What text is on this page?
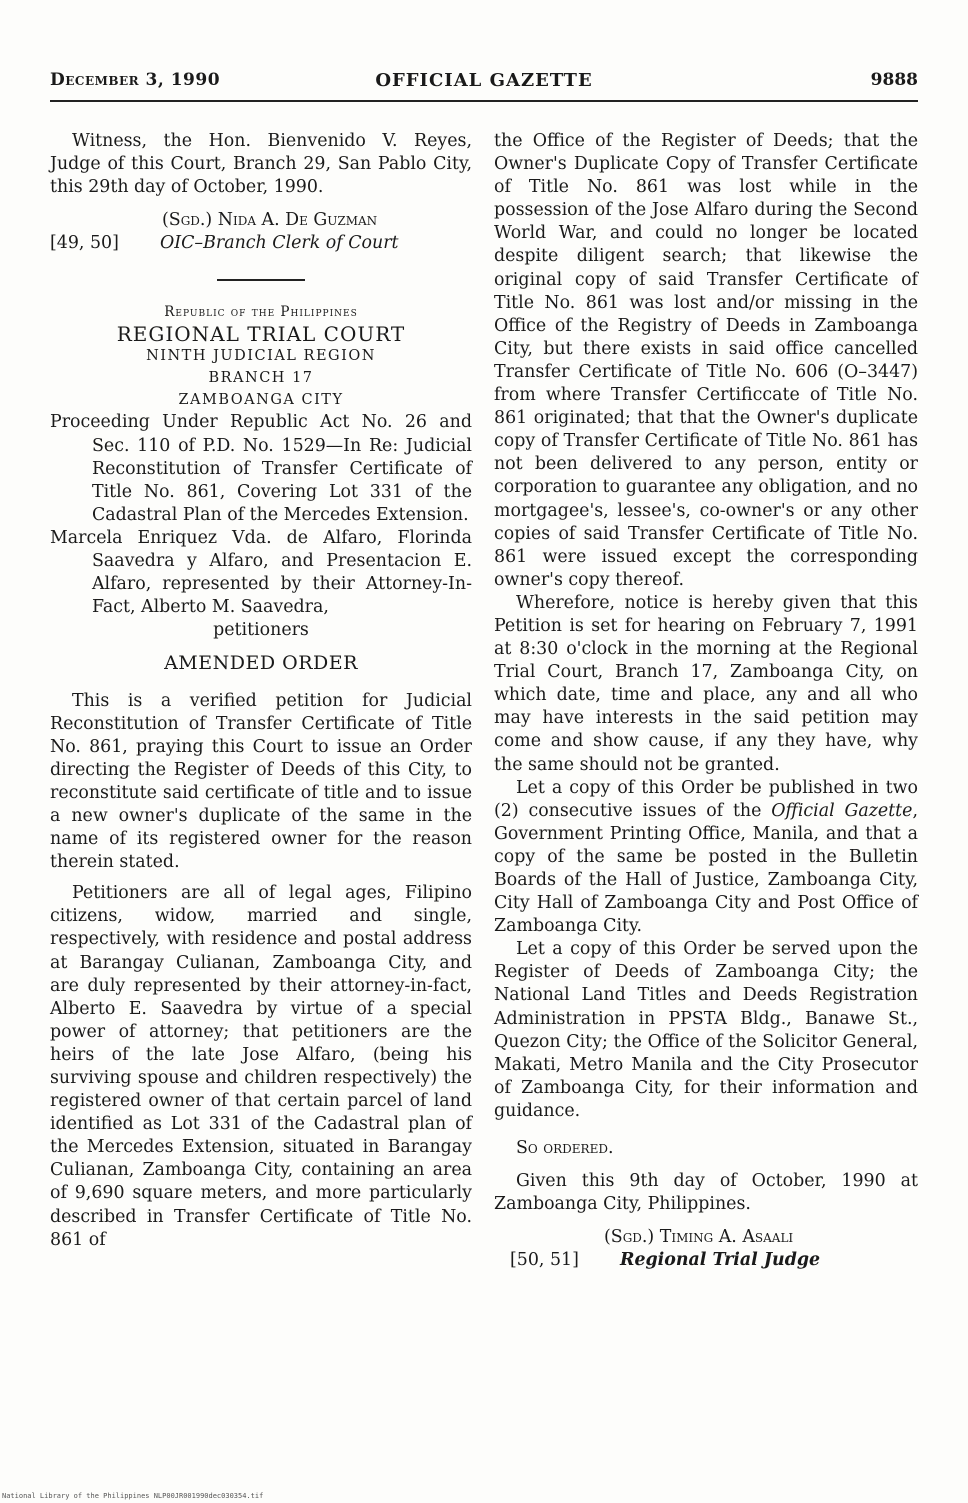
December 3, 1990	OFFICIAL GAZETTE	9888

Witness, the Hon. Bienvenido V. Reyes, Judge of this Court, Branch 29, San Pablo City, this 29th day of October, 1990.

(Sgd.) Nida A. De Guzman
[49, 50]	OIC–Branch Clerk of Court
Republic of the Philippines
REGIONAL TRIAL COURT
NINTH JUDICIAL REGION
BRANCH 17
ZAMBOANGA CITY

Proceeding Under Republic Act No. 26 and Sec. 110 of P.D. No. 1529—In Re: Judicial Reconstitution of Transfer Certificate of Title No. 861, Covering Lot 331 of the Cadastral Plan of the Mercedes Extension.

Marcela Enriquez Vda. de Alfaro, Florinda Saavedra y Alfaro, and Presentacion E. Alfaro, represented by their Attorney-In-Fact, Alberto M. Saavedra,

petitioners
AMENDED ORDER

This is a verified petition for Judicial Reconstitution of Transfer Certificate of Title No. 861, praying this Court to issue an Order directing the Register of Deeds of this City, to reconstitute said certificate of title and to issue a new owner's duplicate of the same in the name of its registered owner for the reason therein stated.

Petitioners are all of legal ages, Filipino citizens, widow, married and single, respectively, with residence and postal address at Barangay Culianan, Zamboanga City, and are duly represented by their attorney-in-fact, Alberto E. Saavedra by virtue of a special power of attorney; that petitioners are the heirs of the late Jose Alfaro, (being his surviving spouse and children respectively) the registered owner of that certain parcel of land identified as Lot 331 of the Cadastral plan of the Mercedes Extension, situated in Barangay Culianan, Zamboanga City, containing an area of 9,690 square meters, and more particularly described in Transfer Certificate of Title No. 861 of

the Office of the Register of Deeds; that the Owner's Duplicate Copy of Transfer Certificate of Title No. 861 was lost while in the possession of the Jose Alfaro during the Second World War, and could no longer be located despite diligent search; that likewise the original copy of said Transfer Certificate of Title No. 861 was lost and/or missing in the Office of the Registry of Deeds in Zamboanga City, but there exists in said office cancelled Transfer Certificate of Title No. 606 (O–3447) from where Transfer Certificcate of Title No. 861 originated; that that the Owner's duplicate copy of Transfer Certificate of Title No. 861 has not been delivered to any person, entity or corporation to guarantee any obligation, and no mortgagee's, lessee's, co-owner's or any other copies of said Transfer Certificate of Title No. 861 were issued except the corresponding owner's copy thereof.

Wherefore, notice is hereby given that this Petition is set for hearing on February 7, 1991 at 8:30 o'clock in the morning at the Regional Trial Court, Branch 17, Zamboanga City, on which date, time and place, any and all who may have interests in the said petition may come and show cause, if any they have, why the same should not be granted.

Let a copy of this Order be published in two (2) consecutive issues of the Official Gazette, Government Printing Office, Manila, and that a copy of the same be posted in the Bulletin Boards of the Hall of Justice, Zamboanga City, City Hall of Zamboanga City and Post Office of Zamboanga City.

Let a copy of this Order be served upon the Register of Deeds of Zamboanga City; the National Land Titles and Deeds Registration Administration in PPSTA Bldg., Banawe St., Quezon City; the Office of the Solicitor General, Makati, Metro Manila and the City Prosecutor of Zamboanga City, for their information and guidance.

So ordered.

Given this 9th day of October, 1990 at Zamboanga City, Philippines.

(Sgd.) Timing A. Asaali
[50, 51]	Regional Trial Judge
National Library of the Philippines NLP00JR001990dec030354.tif
